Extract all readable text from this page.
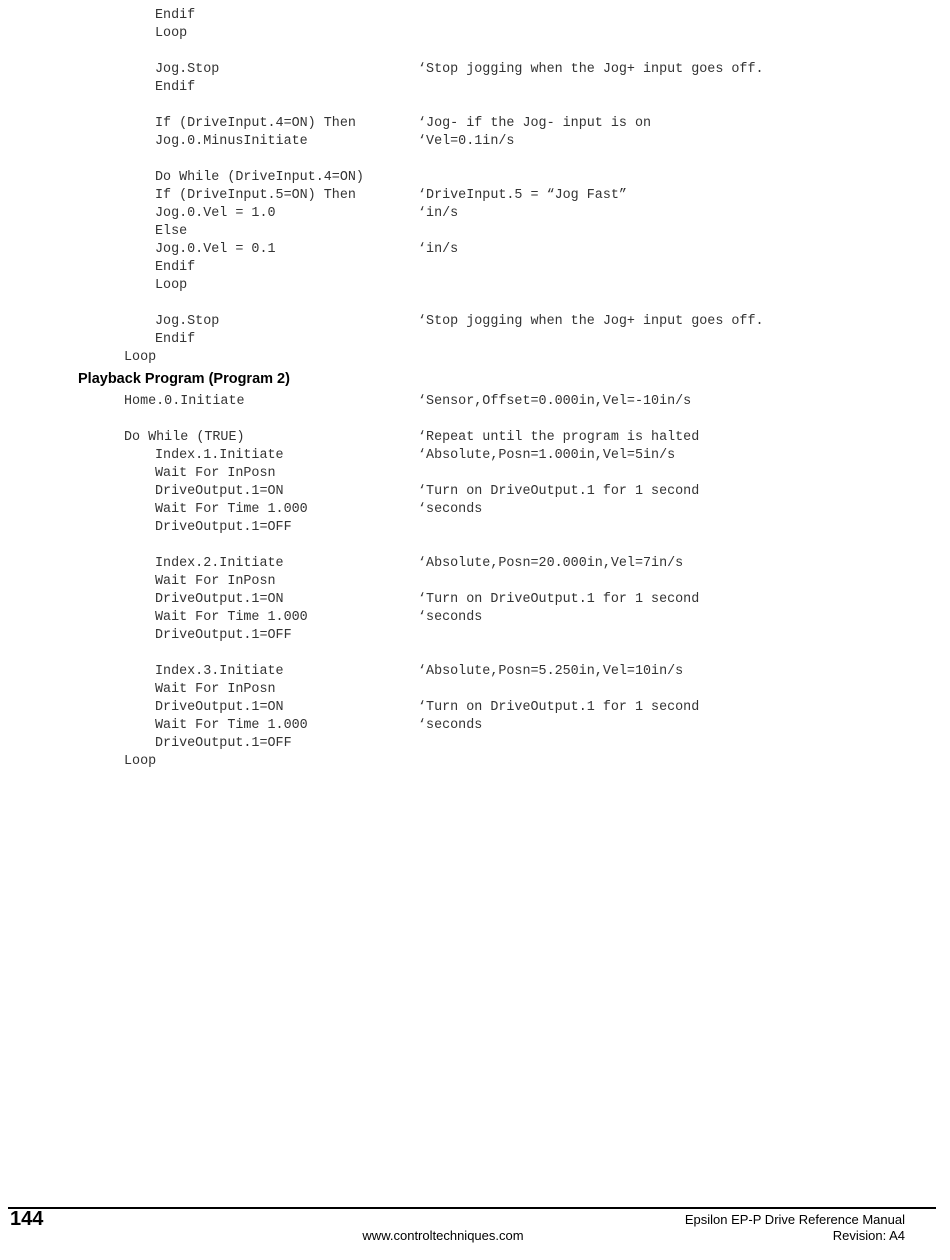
Endif
Loop
Jog.Stop	‘Stop jogging when the Jog+ input goes off.
Endif
If (DriveInput.4=ON) Then	‘Jog- if the Jog- input is on
Jog.0.MinusInitiate	‘Vel=0.1in/s
Do While (DriveInput.4=ON)
If (DriveInput.5=ON) Then	‘DriveInput.5 = “Jog Fast”
Jog.0.Vel = 1.0	‘in/s
Else
Jog.0.Vel = 0.1	‘in/s
Endif
Loop
Jog.Stop	‘Stop jogging when the Jog+ input goes off.
Endif
Loop
Playback Program (Program 2)
Home.0.Initiate	‘Sensor,Offset=0.000in,Vel=-10in/s
Do While (TRUE)	‘Repeat until the program is halted
Index.1.Initiate	‘Absolute,Posn=1.000in,Vel=5in/s
Wait For InPosn
DriveOutput.1=ON	‘Turn on DriveOutput.1 for 1 second
Wait For Time 1.000	‘seconds
DriveOutput.1=OFF
Index.2.Initiate	‘Absolute,Posn=20.000in,Vel=7in/s
Wait For InPosn
DriveOutput.1=ON	‘Turn on DriveOutput.1 for 1 second
Wait For Time 1.000	‘seconds
DriveOutput.1=OFF
Index.3.Initiate	‘Absolute,Posn=5.250in,Vel=10in/s
Wait For InPosn
DriveOutput.1=ON	‘Turn on DriveOutput.1 for 1 second
Wait For Time 1.000	‘seconds
DriveOutput.1=OFF
Loop
144	Epsilon EP-P Drive Reference Manual
www.controltechniques.com	Revision: A4
